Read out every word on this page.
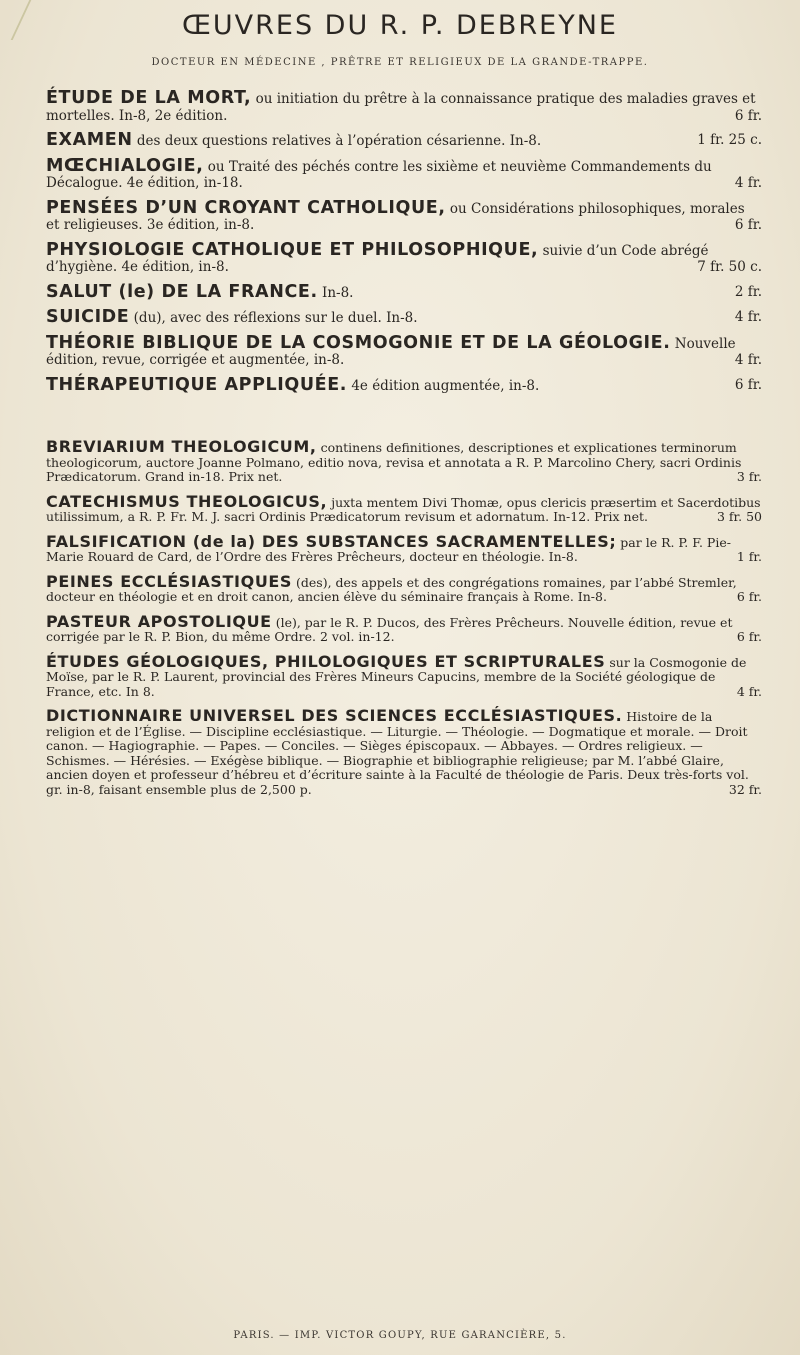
ŒUVRES DU R. P. DEBREYNE
DOCTEUR EN MÉDECINE , PRÊTRE ET RELIGIEUX DE LA GRANDE-TRAPPE.

ÉTUDE DE LA MORT, ou initiation du prêtre à la connaissance pratique des maladies graves et mortelles. In-8, 2e édition.	6 fr.

EXAMEN des deux questions relatives à l’opération césarienne. In-8.	1 fr. 25 c.

MŒCHIALOGIE, ou Traité des péchés contre les sixième et neuvième Commandements du Décalogue. 4e édition, in-18.	4 fr.

PENSÉES D’UN CROYANT CATHOLIQUE, ou Considérations philosophiques, morales et religieuses. 3e édition, in-8.	6 fr.

PHYSIOLOGIE CATHOLIQUE ET PHILOSOPHIQUE, suivie d’un Code abrégé d’hygiène. 4e édition, in-8.	7 fr. 50 c.

SALUT (le) DE LA FRANCE. In-8.	2 fr.

SUICIDE (du), avec des réflexions sur le duel. In-8.	4 fr.

THÉORIE BIBLIQUE DE LA COSMOGONIE ET DE LA GÉOLOGIE. Nouvelle édition, revue, corrigée et augmentée, in-8.	4 fr.

THÉRAPEUTIQUE APPLIQUÉE. 4e édition augmentée, in-8.	6 fr.

BREVIARIUM THEOLOGICUM, continens definitiones, descriptiones et explicationes terminorum theologicorum, auctore Joanne Polmano, editio nova, revisa et annotata a R. P. Marcolino Chery, sacri Ordinis Prædicatorum. Grand in-18. Prix net.	3 fr.

CATECHISMUS THEOLOGICUS, juxta mentem Divi Thomæ, opus clericis præsertim et Sacerdotibus utilissimum, a R. P. Fr. M. J. sacri Ordinis Prædicatorum revisum et adornatum. In-12. Prix net.	3 fr. 50

FALSIFICATION (de la) DES SUBSTANCES SACRAMENTELLES; par le R. P. F. Pie-Marie Rouard de Card, de l’Ordre des Frères Prêcheurs, docteur en théologie. In-8.	1 fr.

PEINES ECCLÉSIASTIQUES (des), des appels et des congrégations romaines, par l’abbé Stremler, docteur en théologie et en droit canon, ancien élève du séminaire français à Rome. In-8.	6 fr.

PASTEUR APOSTOLIQUE (le), par le R. P. Ducos, des Frères Prêcheurs. Nouvelle édition, revue et corrigée par le R. P. Bion, du même Ordre. 2 vol. in-12.	6 fr.

ÉTUDES GÉOLOGIQUES, PHILOLOGIQUES ET SCRIPTURALES sur la Cosmogonie de Moïse, par le R. P. Laurent, provincial des Frères Mineurs Capucins, membre de la Société géologique de France, etc. In 8.	4 fr.

DICTIONNAIRE UNIVERSEL DES SCIENCES ECCLÉSIASTIQUES. Histoire de la religion et de l’Église. — Discipline ecclésiastique. — Liturgie. — Théologie. — Dogmatique et morale. — Droit canon. — Hagiographie. — Papes. — Conciles. — Sièges épiscopaux. — Abbayes. — Ordres religieux. — Schismes. — Hérésies. — Exégèse biblique. — Biographie et bibliographie religieuse; par M. l’abbé Glaire, ancien doyen et professeur d’hébreu et d’écriture sainte à la Faculté de théologie de Paris. Deux très-forts vol. gr. in-8, faisant ensemble plus de 2,500 p.	32 fr.

PARIS. — IMP. VICTOR GOUPY, RUE GARANCIÈRE, 5.
